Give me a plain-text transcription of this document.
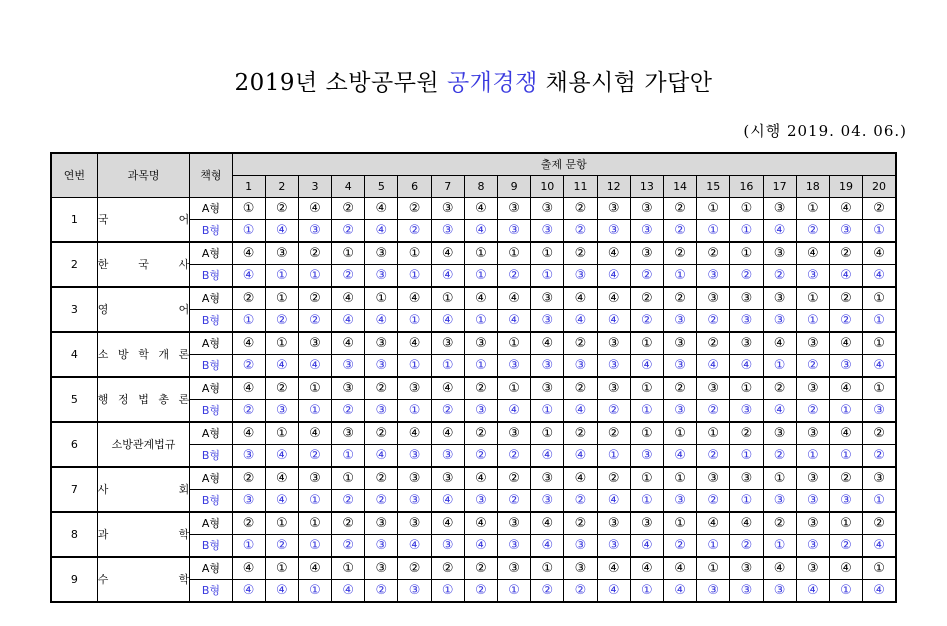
2019년 소방공무원 공개경쟁 채용시험 가답안
(시행 2019. 04. 06.)
연번	과목명	책형	출제 문항																			
			1	2	3	4	5	6	7	8	9	10	11	12	13	14	15	16	17	18	19	20
1	국 어	A형	①	②	④	②	④	②	③	④	③	③	②	③	③	②	①	①	③	①	④	②
		B형	①	④	③	②	④	②	③	④	③	③	②	③	③	②	①	①	④	②	③	①
2	한 국 사	A형	④	③	②	①	③	①	④	①	①	①	②	④	③	②	②	①	③	④	②	④
		B형	④	①	①	②	③	①	④	①	②	①	③	④	②	①	③	②	②	③	④	④
3	영 어	A형	②	①	②	④	①	④	①	④	④	③	④	④	②	②	③	③	③	①	②	①
		B형	①	②	②	④	④	①	④	①	④	③	④	④	②	③	②	③	③	①	②	①
4	소 방 학 개 론	A형	④	①	③	④	③	④	③	③	①	④	②	③	①	③	②	③	④	③	④	①
		B형	②	④	④	③	③	①	①	①	③	③	③	③	④	③	④	④	①	②	③	④
5	행 정 법 총 론	A형	④	②	①	③	②	③	④	②	①	③	②	③	①	②	③	①	②	③	④	①
		B형	②	③	①	②	③	①	②	③	④	①	④	②	①	③	②	③	④	②	①	③
6	소방관계법규	A형	④	①	④	③	②	④	④	②	③	①	②	②	①	①	①	②	③	③	④	②
		B형	③	④	②	①	④	③	③	②	②	④	④	①	③	④	②	①	②	①	①	②
7	사 회	A형	②	④	③	①	②	③	③	④	②	③	④	②	①	①	③	③	①	③	②	③
		B형	③	④	①	②	②	③	④	③	②	③	②	④	①	③	②	①	③	③	③	①
8	과 학	A형	②	①	①	②	③	③	④	④	③	④	②	③	③	①	④	④	②	③	①	②
		B형	①	②	①	②	③	④	③	④	③	④	③	③	④	②	①	②	①	③	②	④
9	수 학	A형	④	①	④	①	③	②	②	②	③	①	③	④	④	④	①	③	④	③	④	①
		B형	④	④	①	④	②	③	①	②	①	②	②	④	①	④	③	③	③	④	①	④
